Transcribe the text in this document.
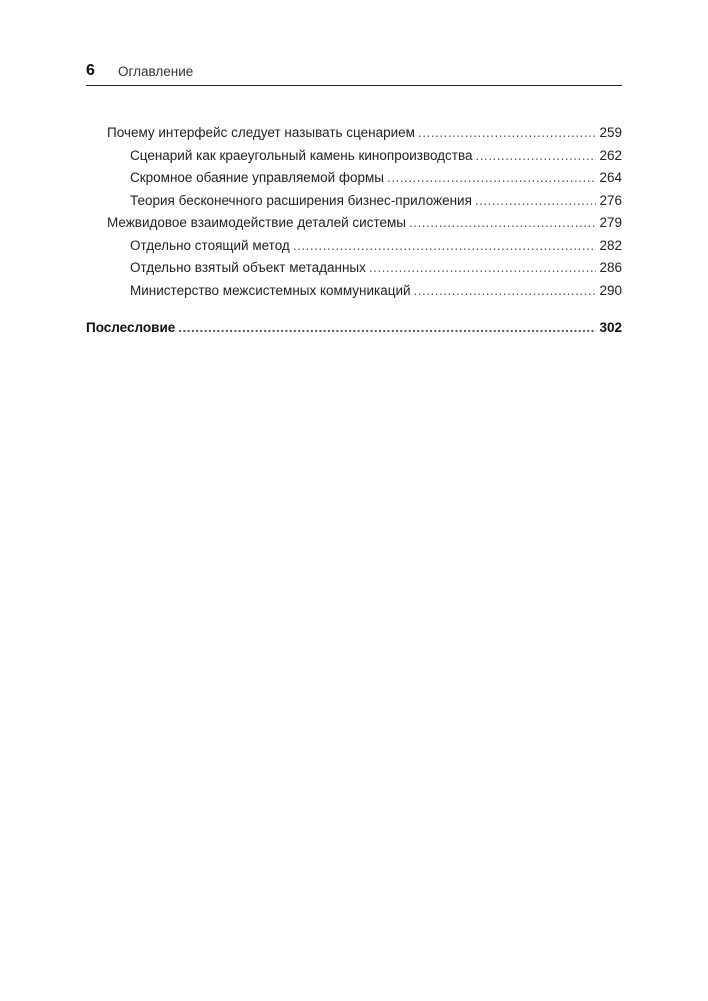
6 Оглавление
Почему интерфейс следует называть сценарием .....	259
Сценарий как краеугольный камень кинопроизводства .....	262
Скромное обаяние управляемой формы .....	264
Теория бесконечного расширения бизнес-приложения .....	276
Межвидовое взаимодействие деталей системы .....	279
Отдельно стоящий метод .....	282
Отдельно взятый объект метаданных .....	286
Министерство межсистемных коммуникаций .....	290
Послесловие .....	302
